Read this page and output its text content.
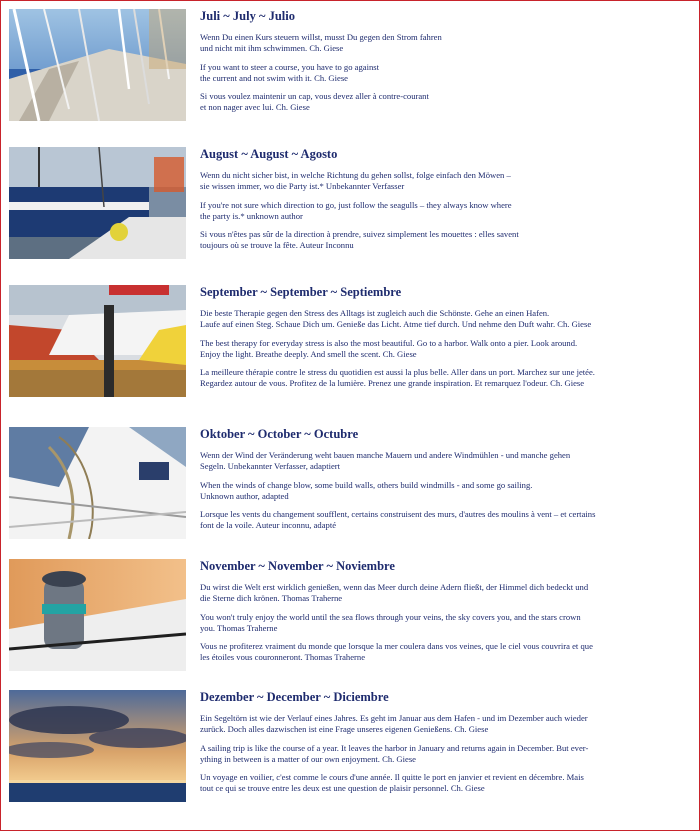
Juli ~ July ~ Julio
Wenn Du einen Kurs steuern willst, musst Du gegen den Strom fahren
und nicht mit ihm schwimmen. Ch. Giese
If you want to steer a course, you have to go against
the current and not swim with it. Ch. Giese
Si vous voulez maintenir un cap, vous devez aller à contre-courant
et non nager avec lui. Ch. Giese
August ~ August ~ Agosto
Wenn du nicht sicher bist, in welche Richtung du gehen sollst, folge einfach den Möwen –
sie wissen immer, wo die Party ist.* Unbekannter Verfasser
If you're not sure which direction to go, just follow the seagulls – they always know where
the party is.* unknown author
Si vous n'êtes pas sûr de la direction à prendre, suivez simplement les mouettes : elles savent
toujours où se trouve la fête. Auteur Inconnu
September ~ September ~ Septiembre
Die beste Therapie gegen den Stress des Alltags ist zugleich auch die Schönste. Gehe an einen Hafen.
Laufe auf einen Steg. Schaue Dich um. Genieße das Licht. Atme tief durch. Und nehme den Duft wahr. Ch. Giese
The best therapy for everyday stress is also the most beautiful. Go to a harbor. Walk onto a pier. Look around.
Enjoy the light. Breathe deeply. And smell the scent. Ch. Giese
La meilleure thérapie contre le stress du quotidien est aussi la plus belle. Aller dans un port. Marchez sur une jetée.
Regardez autour de vous. Profitez de la lumière. Prenez une grande inspiration. Et remarquez l'odeur. Ch. Giese
Oktober ~ October ~ Octubre
Wenn der Wind der Veränderung weht bauen manche Mauern und andere Windmühlen - und manche gehen
Segeln. Unbekannter Verfasser, adaptiert
When the winds of change blow, some build walls, others build windmills - and some go sailing.
Unknown author, adapted
Lorsque les vents du changement soufflent, certains construisent des murs, d'autres des moulins à vent – et certains
font de la voile. Auteur inconnu, adapté
November ~ November ~ Noviembre
Du wirst die Welt erst wirklich genießen, wenn das Meer durch deine Adern fließt, der Himmel dich bedeckt und
die Sterne dich krönen. Thomas Traherne
You won't truly enjoy the world until the sea flows through your veins, the sky covers you, and the stars crown
you. Thomas Traherne
Vous ne profiterez vraiment du monde que lorsque la mer coulera dans vos veines, que le ciel vous couvrira et que
les étoiles vous couronneront. Thomas Traherne
Dezember ~ December ~ Diciembre
Ein Segeltörn ist wie der Verlauf eines Jahres. Es geht im Januar aus dem Hafen - und im Dezember auch wieder
zurück. Doch alles dazwischen ist eine Frage unseres eigenen Genießens. Ch. Giese
A sailing trip is like the course of a year. It leaves the harbor in January and returns again in December. But ever-
ything in between is a matter of our own enjoyment. Ch. Giese
Un voyage en voilier, c'est comme le cours d'une année. Il quitte le port en janvier et revient en décembre. Mais
tout ce qui se trouve entre les deux est une question de plaisir personnel. Ch. Giese
